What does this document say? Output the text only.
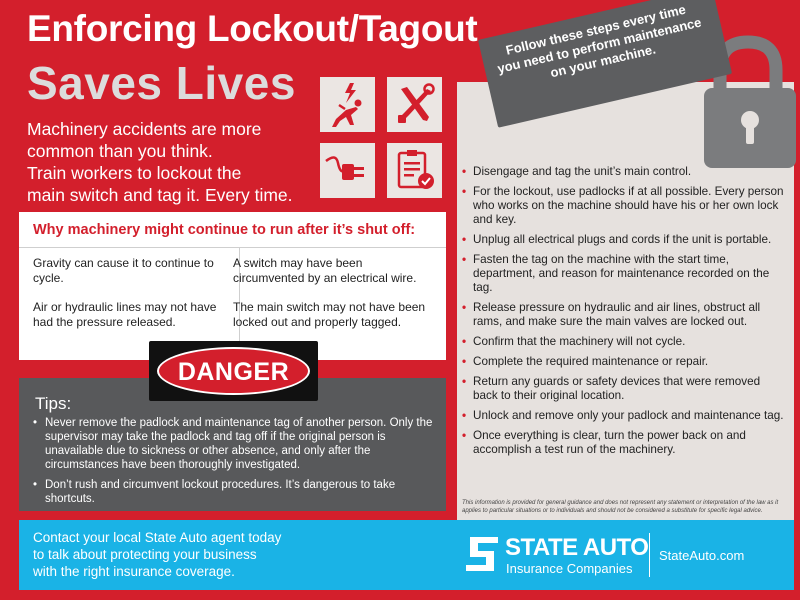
Enforcing Lockout/Tagout
Saves Lives
Machinery accidents are more
common than you think.
Train workers to lockout the
main switch and tag it. Every time.
Why machinery might continue to run after it’s shut off:

Gravity can cause it to continue to cycle.

Air or hydraulic lines may not have had the pressure released.

A switch may have been circumvented by an electrical wire.

The main switch may not have been locked out and properly tagged.

Tips:
• Never remove the padlock and maintenance tag of another person. Only the supervisor may take the padlock and tag off if the original person is unavailable due to sickness or other absence, and only after the circumstances have been thoroughly investigated.
• Don’t rush and circumvent lockout procedures. It’s dangerous to take shortcuts.
DANGER
• Disengage and tag the unit’s main control.
• For the lockout, use padlocks if at all possible. Every person who works on the machine should have his or her own lock and key.
• Unplug all electrical plugs and cords if the unit is portable.
• Fasten the tag on the machine with the start time, department, and reason for maintenance recorded on the tag.
• Release pressure on hydraulic and air lines, obstruct all rams, and make sure the main valves are locked out.
• Confirm that the machinery will not cycle.
• Complete the required maintenance or repair.
• Return any guards or safety devices that were removed back to their original location.
• Unlock and remove only your padlock and maintenance tag.
• Once everything is clear, turn the power back on and accomplish a test run of the machinery.
This information is provided for general guidance and does not represent any statement or interpretation of the law as it applies to particular situations or to individuals and should not be considered a substitute for specific legal advice.
Follow these steps every time you need to perform maintenance on your machine.
Contact your local State Auto agent today
to talk about protecting your business
with the right insurance coverage.
STATE AUTO
Insurance Companies
StateAuto.com
